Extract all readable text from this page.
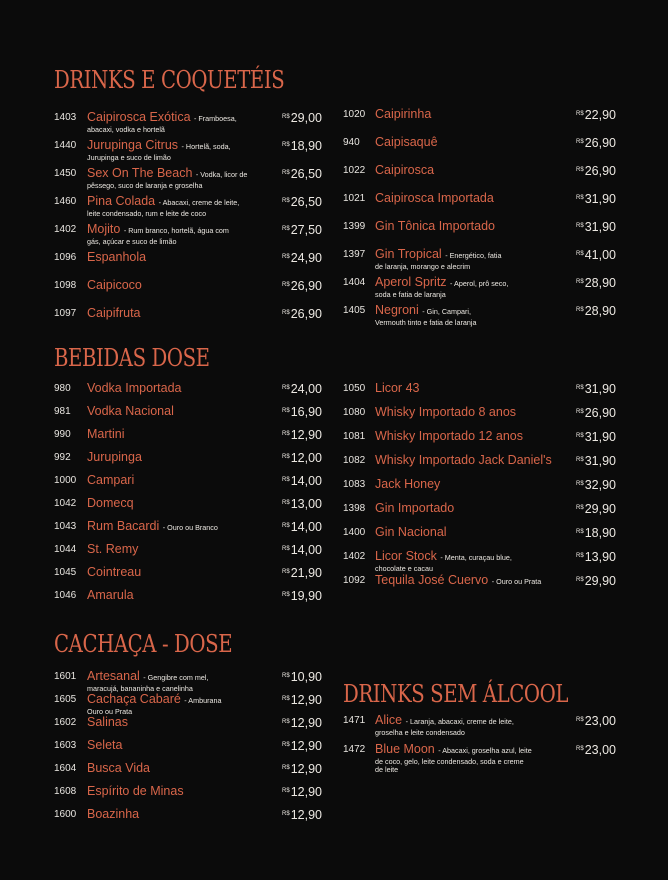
DRINKS E COQUETÉIS
BEBIDAS DOSE
CACHAÇA - DOSE
DRINKS SEM ÁLCOOL
1403 Caipirosca Exótica - Framboesa,
abacaxi, vodka e hortelã
$^{R\$}$29,00
1440 Jurupinga Citrus - Hortelã, soda,
Jurupinga e suco de limão
$^{R\$}$18,90
1450 Sex On The Beach - Vodka, licor de
pêssego, suco de laranja e groselha
$^{R\$}$26,50
1460 Pina Colada - Abacaxi, creme de leite,
leite condensado, rum e leite de coco
$^{R\$}$26,50
1402 Mojito - Rum branco, hortelã, água com
gás, açúcar e suco de limão
$^{R\$}$27,50
1096 Espanhola	$^{R\$}$24,90
1098 Caipicoco	$^{R\$}$26,90
1097 Caipifruta	$^{R\$}$26,90
1020 Caipirinha	$^{R\$}$22,90
940 Caipisaquê	$^{R\$}$26,90
1022 Caipirosca	$^{R\$}$26,90
1021 Caipirosca Importada	$^{R\$}$31,90
1399 Gin Tônica Importado	$^{R\$}$31,90
1397 Gin Tropical - Energético, fatia
de laranja, morango e alecrim
$^{R\$}$41,00
1404 Aperol Spritz - Aperol, prô seco,
soda e fatia de laranja
$^{R\$}$28,90
1405 Negroni - Gin, Campari,
Vermouth tinto e fatia de laranja
$^{R\$}$28,90
980 Vodka Importada	$^{R\$}$24,00
981 Vodka Nacional	$^{R\$}$16,90
990 Martini	$^{R\$}$12,90
992 Jurupinga	$^{R\$}$12,00
1000 Campari	$^{R\$}$14,00
1042 Domecq	$^{R\$}$13,00
1043 Rum Bacardi - Ouro ou Branco	$^{R\$}$14,00
1044 St. Remy	$^{R\$}$14,00
1045 Cointreau	$^{R\$}$21,90
1046 Amarula	$^{R\$}$19,90
1050 Licor 43	$^{R\$}$31,90
1080 Whisky Importado 8 anos	$^{R\$}$26,90
1081 Whisky Importado 12 anos	$^{R\$}$31,90
1082 Whisky Importado Jack Daniel's	$^{R\$}$31,90
1083 Jack Honey	$^{R\$}$32,90
1398 Gin Importado	$^{R\$}$29,90
1400 Gin Nacional	$^{R\$}$18,90
1402 Licor Stock - Menta, curaçau blue,
chocolate e cacau
$^{R\$}$13,90
1092 Tequila José Cuervo - Ouro ou Prata	$^{R\$}$29,90
1601 Artesanal - Gengibre com mel,
maracujá, bananinha e canelinha
$^{R\$}$10,90
1605 Cachaça Cabaré - Amburana
Ouro ou Prata
$^{R\$}$12,90
1602 Salinas	$^{R\$}$12,90
1603 Seleta	$^{R\$}$12,90
1604 Busca Vida	$^{R\$}$12,90
1608 Espírito de Minas	$^{R\$}$12,90
1600 Boazinha	$^{R\$}$12,90
1471 Alice - Laranja, abacaxi, creme de leite,
groselha e leite condensado
$^{R\$}$23,00
1472 Blue Moon - Abacaxi, groselha azul, leite
de coco, gelo, leite condensado, soda e creme
de leite
$^{R\$}$23,00
